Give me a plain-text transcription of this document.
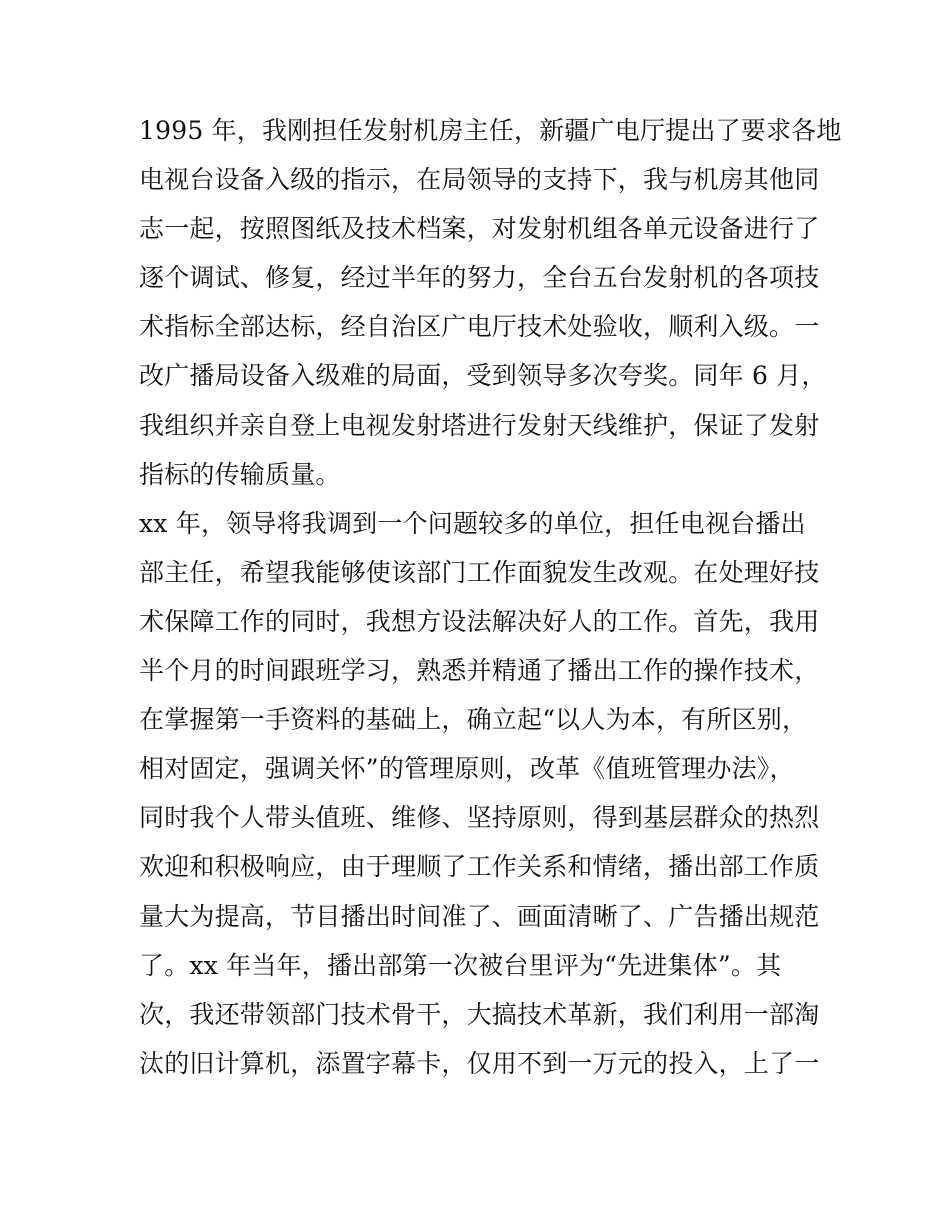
1995 年，我刚担任发射机房主任，新疆广电厅提出了要求各地
电视台设备入级的指示，在局领导的支持下，我与机房其他同
志一起，按照图纸及技术档案，对发射机组各单元设备进行了
逐个调试、修复，经过半年的努力，全台五台发射机的各项技
术指标全部达标，经自治区广电厅技术处验收，顺利入级。一
改广播局设备入级难的局面，受到领导多次夸奖。同年 6 月，
我组织并亲自登上电视发射塔进行发射天线维护，保证了发射
指标的传输质量。
xx 年，领导将我调到一个问题较多的单位，担任电视台播出
部主任，希望我能够使该部门工作面貌发生改观。在处理好技
术保障工作的同时，我想方设法解决好人的工作。首先，我用
半个月的时间跟班学习，熟悉并精通了播出工作的操作技术，
在掌握第一手资料的基础上，确立起“以人为本，有所区别，
相对固定，强调关怀”的管理原则，改革《值班管理办法》，
同时我个人带头值班、维修、坚持原则，得到基层群众的热烈
欢迎和积极响应，由于理顺了工作关系和情绪，播出部工作质
量大为提高，节目播出时间准了、画面清晰了、广告播出规范
了。xx 年当年，播出部第一次被台里评为“先进集体”。其
次，我还带领部门技术骨干，大搞技术革新，我们利用一部淘
汰的旧计算机，添置字幕卡，仅用不到一万元的投入，上了一
